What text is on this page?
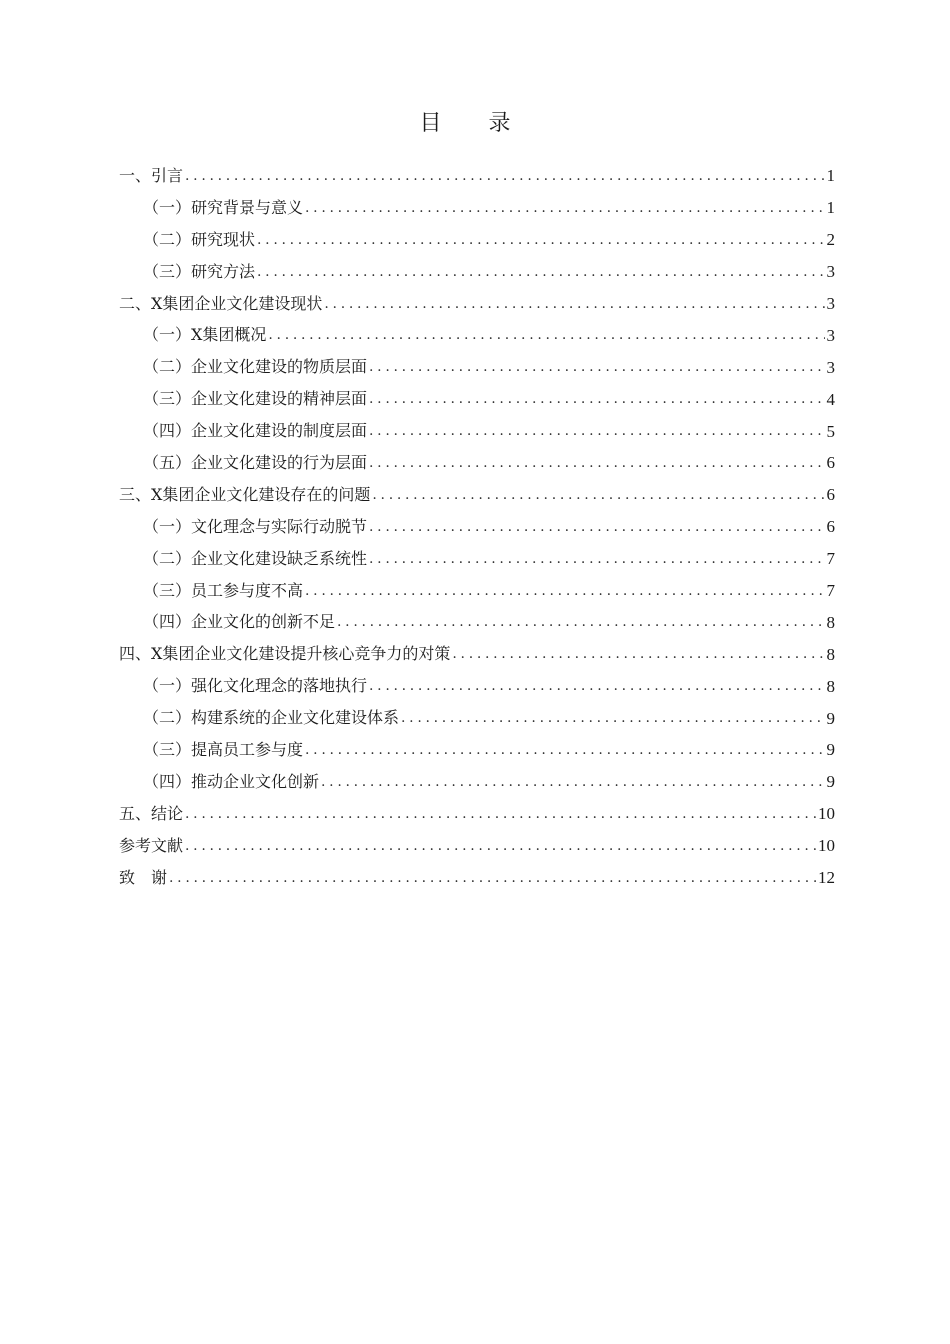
目 录
一、引言 .....	1
（一）研究背景与意义 .....	1
（二）研究现状 .....	2
（三）研究方法 .....	3
二、X集团企业文化建设现状 .....	3
（一）X集团概况 .....	3
（二）企业文化建设的物质层面 .....	3
（三）企业文化建设的精神层面 .....	4
（四）企业文化建设的制度层面 .....	5
（五）企业文化建设的行为层面 .....	6
三、X集团企业文化建设存在的问题 .....	6
（一）文化理念与实际行动脱节 .....	6
（二）企业文化建设缺乏系统性 .....	7
（三）员工参与度不高 .....	7
（四）企业文化的创新不足 .....	8
四、X集团企业文化建设提升核心竞争力的对策 .....	8
（一）强化文化理念的落地执行 .....	8
（二）构建系统的企业文化建设体系 .....	9
（三）提高员工参与度 .....	9
（四）推动企业文化创新 .....	9
五、结论 .....	10
参考文献 .....	10
致　谢 .....	12
